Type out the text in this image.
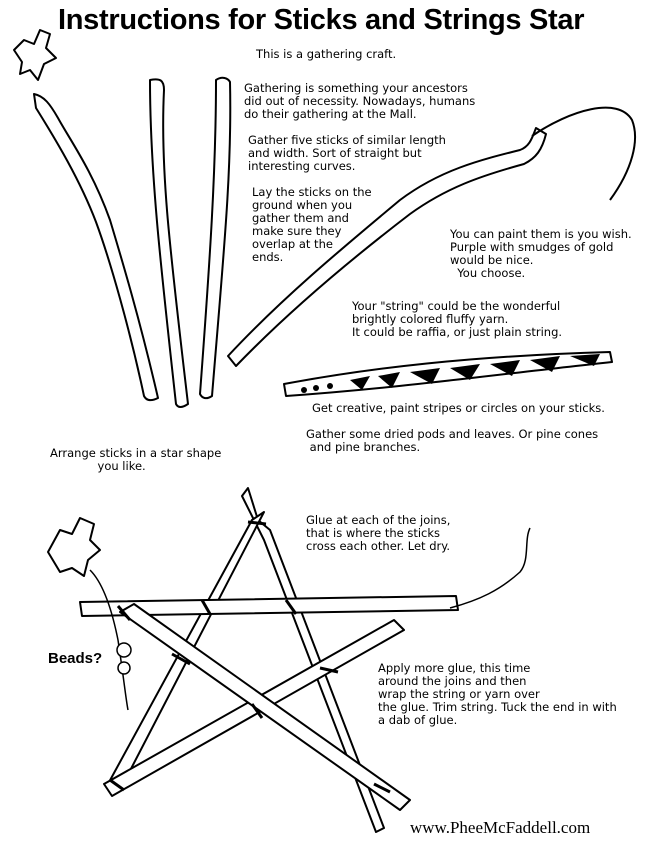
Instructions for Sticks and Strings Star
This is a gathering craft.
Gathering is something your ancestors
did out of necessity. Nowadays, humans
do their gathering at the Mall.
Gather five sticks of similar length
and width. Sort of straight but
interesting curves.
Lay the sticks on the
ground when you
gather them and
make sure they
overlap at the
ends.
You can paint them is you wish.
Purple with smudges of gold
would be nice.
You choose.
Your "string" could be the wonderful
brightly colored fluffy yarn.
It could be raffia, or just plain string.
Get creative, paint stripes or circles on your sticks.
Gather some dried pods and leaves. Or pine cones
and pine branches.
Arrange sticks in a star shape
you like.
Glue at each of the joins,
that is where the sticks
cross each other. Let dry.
Apply more glue, this time
around the joins and then
wrap the string or yarn over
the glue. Trim string. Tuck the end in with
a dab of glue.
Beads?
www.PheeMcFaddell.com
